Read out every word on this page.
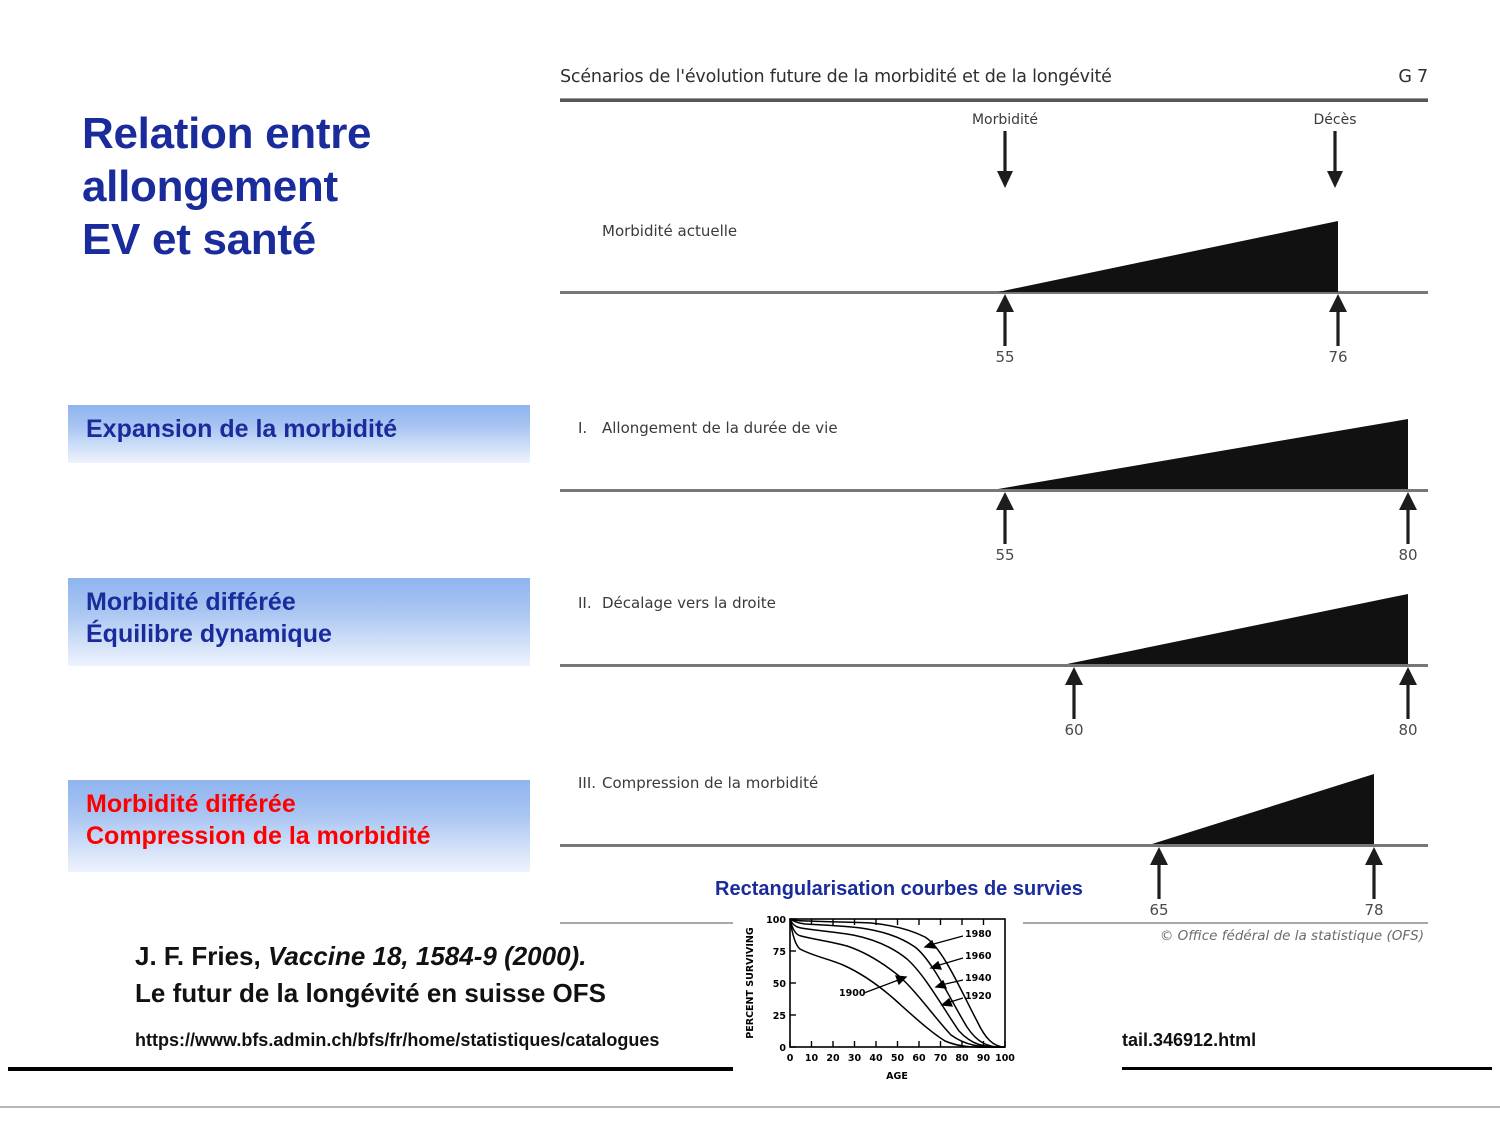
Relation entre
allongement
EV et santé
Expansion de la morbidité
Morbidité différée
Équilibre dynamique
Morbidité différée
Compression de la morbidité
J. F. Fries, Vaccine 18, 1584-9 (2000).
Le futur de la longévité en suisse OFS
https://www.bfs.admin.ch/bfs/fr/home/statistiques/catalogues	tail.346912.html
Scénarios de l'évolution future de la morbidité et de la longévité	G 7
Morbidité	Décès
Morbidité actuelle
55	76
I. Allongement de la durée de vie
55	80
II. Décalage vers la droite
60	80
III. Compression de la morbidité
65	78
© Office fédéral de la statistique (OFS)
Rectangularisation courbes de survies
100
75
50
25
0
0 10 20 30 40 50 60 70 80 90 100
AGE
PERCENT SURVIVING	1900
1980
1960
1940
1920
